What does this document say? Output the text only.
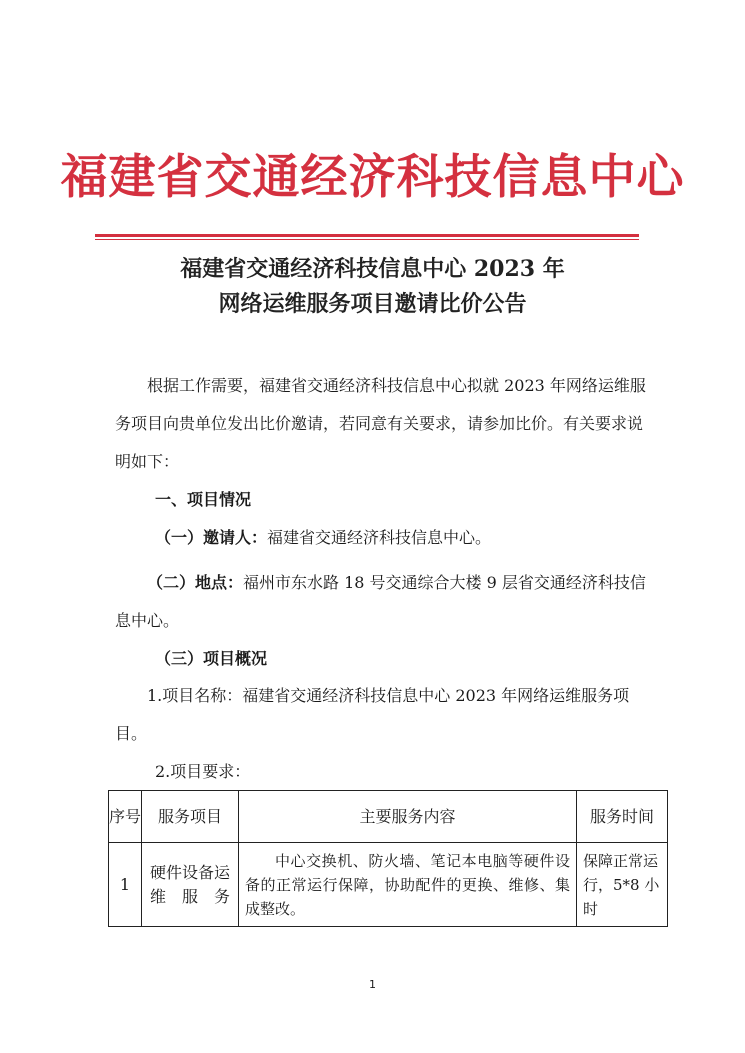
福建省交通经济科技信息中心
福建省交通经济科技信息中心 2023 年
网络运维服务项目邀请比价公告

根据工作需要，福建省交通经济科技信息中心拟就 2023 年网络运维服务项目向贵单位发出比价邀请，若同意有关要求，请参加比价。有关要求说明如下：

一、项目情况
（一）邀请人：福建省交通经济科技信息中心。

（二）地点：福州市东水路 18 号交通综合大楼 9 层省交通经济科技信息中心。

（三）项目概况

1.项目名称：福建省交通经济科技信息中心 2023 年网络运维服务项目。

2.项目要求：
序号	服务项目	主要服务内容	服务时间
1	硬件设备运维服务	中心交换机、防火墙、笔记本电脑等硬件设备的正常运行保障，协助配件的更换、维修、集成整改。	保障正常运行，5*8 小时
1
